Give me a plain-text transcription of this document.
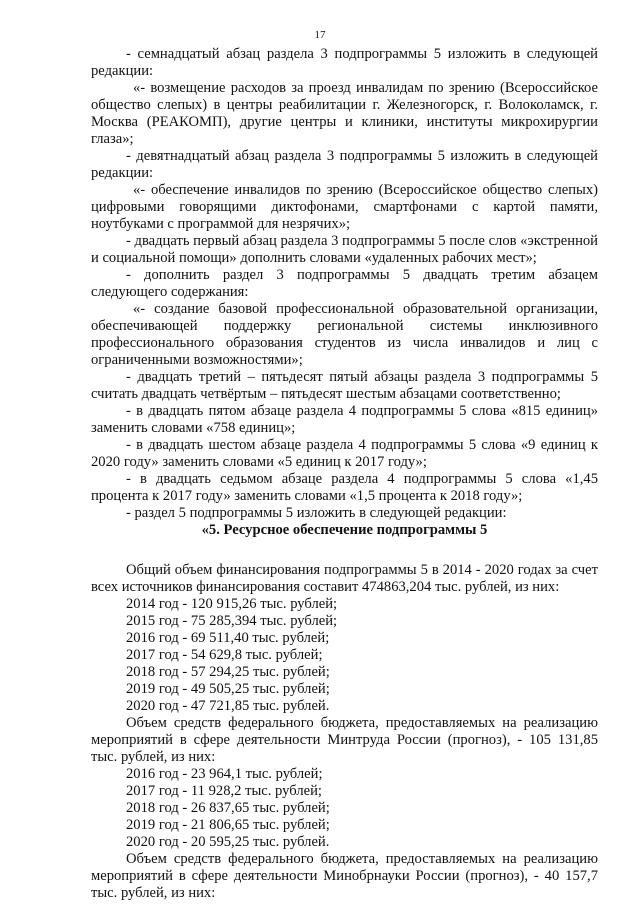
17

- семнадцатый абзац раздела 3 подпрограммы 5 изложить в следующей редакции:

«- возмещение расходов за проезд инвалидам по зрению (Всероссийское общество слепых) в центры реабилитации г. Железногорск, г. Волоколамск, г. Москва (РЕАКОМП), другие центры и клиники, институты микрохирургии глаза»;

- девятнадцатый абзац раздела 3 подпрограммы 5 изложить в следующей редакции:

«- обеспечение инвалидов по зрению (Всероссийское общество слепых) цифровыми говорящими диктофонами, смартфонами с картой памяти, ноутбуками с программой для незрячих»;

- двадцать первый абзац раздела 3 подпрограммы 5 после слов «экстренной и социальной помощи» дополнить словами «удаленных рабочих мест»;

- дополнить раздел 3 подпрограммы 5 двадцать третим абзацем следующего содержания:

«- создание базовой профессиональной образовательной организации, обеспечивающей поддержку региональной системы инклюзивного профессионального образования студентов из числа инвалидов и лиц с ограниченными возможностями»;

- двадцать третий – пятьдесят пятый абзацы раздела 3 подпрограммы 5 считать двадцать четвёртым – пятьдесят шестым абзацами соответственно;

- в двадцать пятом абзаце раздела 4 подпрограммы 5 слова «815 единиц» заменить словами «758 единиц»;

- в двадцать шестом абзаце раздела 4 подпрограммы 5 слова «9 единиц к 2020 году» заменить словами «5 единиц к 2017 году»;

- в двадцать седьмом абзаце раздела 4 подпрограммы 5 слова «1,45 процента к 2017 году» заменить словами «1,5 процента к 2018 году»;

- раздел 5 подпрограммы 5 изложить в следующей редакции:

«5. Ресурсное обеспечение подпрограммы 5

Общий объем финансирования подпрограммы 5 в 2014 - 2020 годах за счет всех источников финансирования составит 474863,204 тыс. рублей, из них:

2014 год - 120 915,26 тыс. рублей;

2015 год - 75 285,394 тыс. рублей;

2016 год - 69 511,40 тыс. рублей;

2017 год - 54 629,8 тыс. рублей;

2018 год - 57 294,25 тыс. рублей;

2019 год - 49 505,25 тыс. рублей;

2020 год - 47 721,85 тыс. рублей.

Объем средств федерального бюджета, предоставляемых на реализацию мероприятий в сфере деятельности Минтруда России (прогноз), - 105 131,85 тыс. рублей, из них:

2016 год - 23 964,1 тыс. рублей;

2017 год - 11 928,2 тыс. рублей;

2018 год - 26 837,65 тыс. рублей;

2019 год - 21 806,65 тыс. рублей;

2020 год - 20 595,25 тыс. рублей.

Объем средств федерального бюджета, предоставляемых на реализацию мероприятий в сфере деятельности Минобрнауки России (прогноз), - 40 157,7 тыс. рублей, из них:
